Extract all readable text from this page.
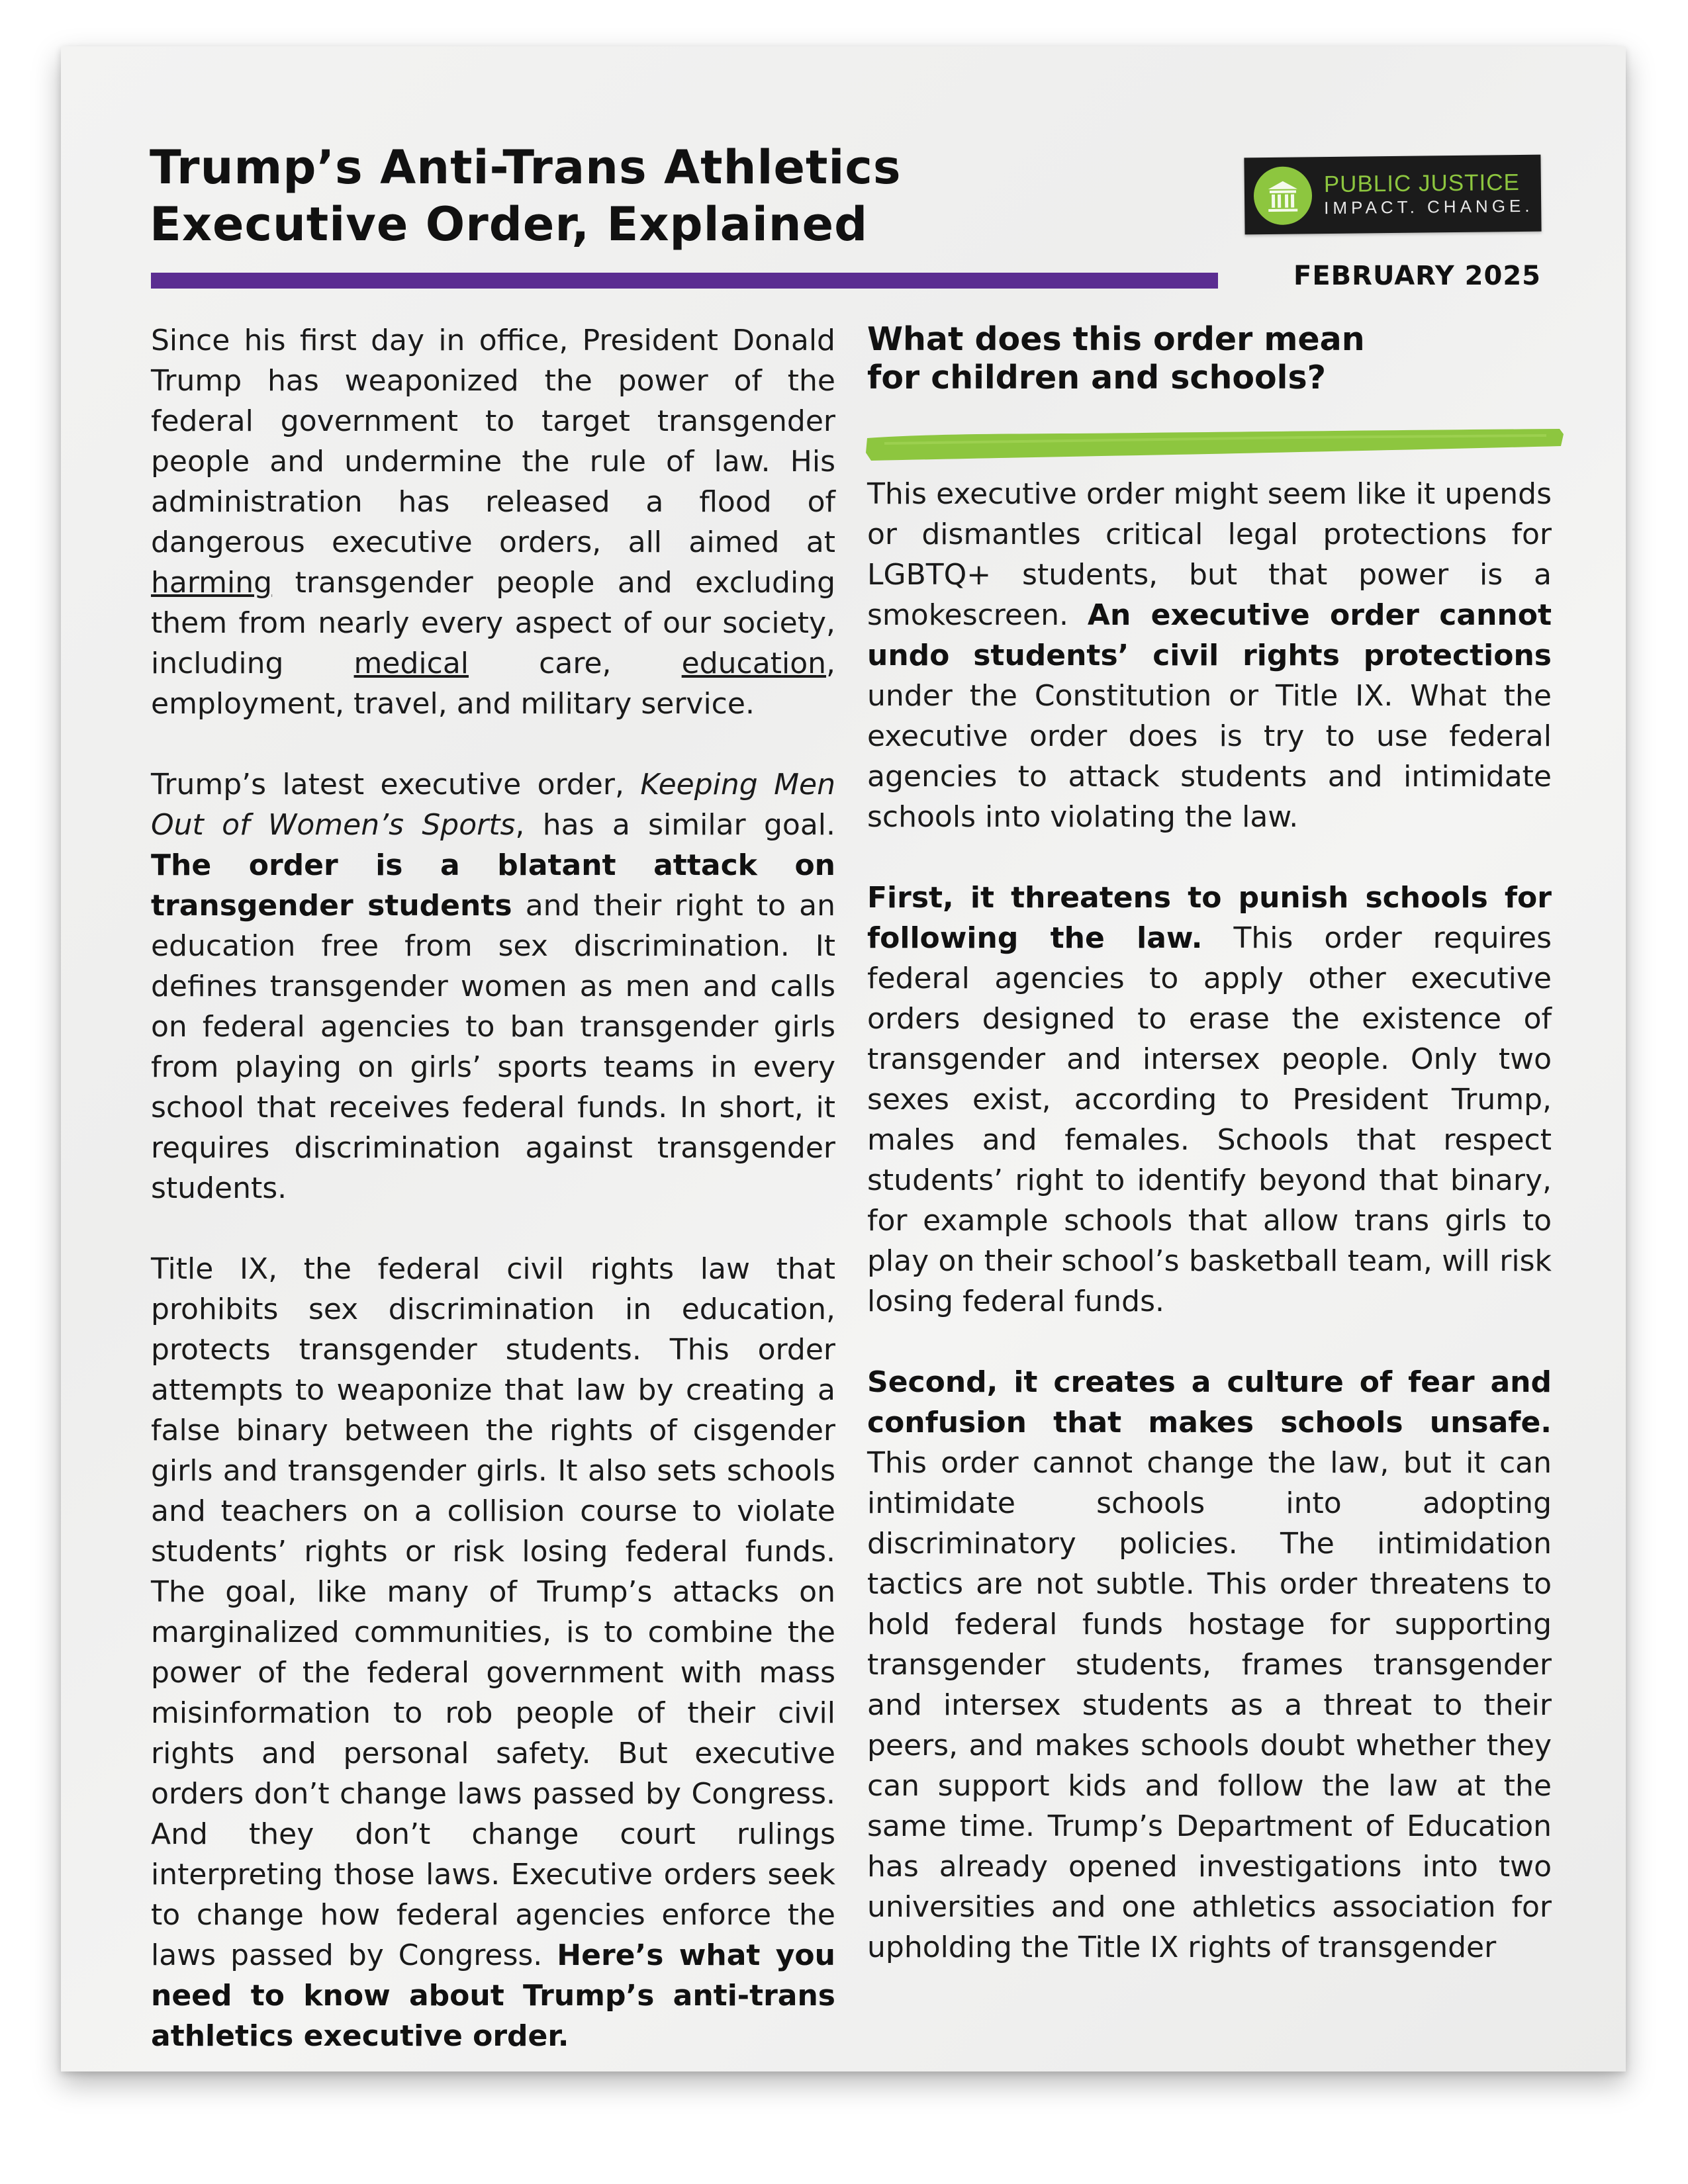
Trump’s Anti-Trans Athletics
Executive Order, Explained
PUBLIC JUSTICE
IMPACT. CHANGE.
FEBRUARY 2025

Since his first day in office, President Donald Trump has weaponized the power of the federal government to target transgender people and undermine the rule of law. His administration has released a flood of dangerous executive orders, all aimed at harming transgender people and excluding them from nearly every aspect of our society, including medical care, education, employment, travel, and military service.

Trump’s latest executive order, Keeping Men Out of Women’s Sports, has a similar goal. The order is a blatant attack on transgender students and their right to an education free from sex discrimination. It defines transgender women as men and calls on federal agencies to ban transgender girls from playing on girls’ sports teams in every school that receives federal funds. In short, it requires discrimination against transgender students.

Title IX, the federal civil rights law that prohibits sex discrimination in education, protects transgender students. This order attempts to weaponize that law by creating a false binary between the rights of cisgender girls and transgender girls. It also sets schools and teachers on a collision course to violate students’ rights or risk losing federal funds. The goal, like many of Trump’s attacks on marginalized communities, is to combine the power of the federal government with mass misinformation to rob people of their civil rights and personal safety. But executive orders don’t change laws passed by Congress. And they don’t change court rulings interpreting those laws. Executive orders seek to change how federal agencies enforce the laws passed by Congress. Here’s what you need to know about Trump’s anti-trans athletics executive order.

What does this order mean
for children and schools?

This executive order might seem like it upends or dismantles critical legal protections for LGBTQ+ students, but that power is a smokescreen. An executive order cannot undo students’ civil rights protections under the Constitution or Title IX. What the executive order does is try to use federal agencies to attack students and intimidate schools into violating the law.

First, it threatens to punish schools for following the law. This order requires federal agencies to apply other executive orders designed to erase the existence of transgender and intersex people. Only two sexes exist, according to President Trump, males and females. Schools that respect students’ right to identify beyond that binary, for example schools that allow trans girls to play on their school’s basketball team, will risk losing federal funds.

Second, it creates a culture of fear and confusion that makes schools unsafe. This order cannot change the law, but it can intimidate schools into adopting discriminatory policies. The intimidation tactics are not subtle. This order threatens to hold federal funds hostage for supporting transgender students, frames transgender and intersex students as a threat to their peers, and makes schools doubt whether they can support kids and follow the law at the same time. Trump’s Department of Education has already opened investigations into two universities and one athletics association for upholding the Title IX rights of transgender
